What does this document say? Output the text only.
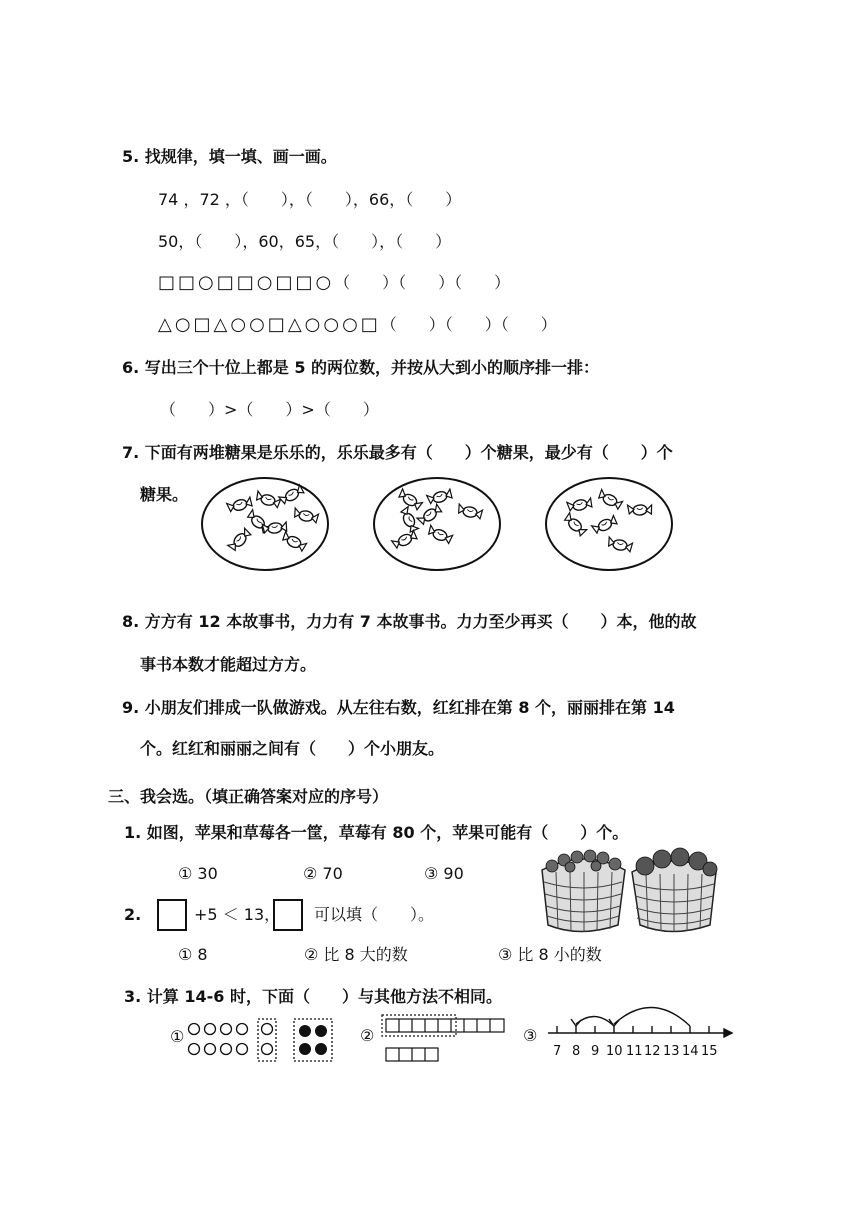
5. 找规律，填一填、画一画。
74 ，72 ，（　　），（　　），66，（　　）
50，（　　），60，65，（　　），（　　）
□□○□□○□□○（　　）（　　）（　　）
△○□△○○□△○○○□（　　）（　　）（　　）
6. 写出三个十位上都是 5 的两位数，并按从大到小的顺序排一排：
（　　）>（　　）>（　　）
7. 下面有两堆糖果是乐乐的，乐乐最多有（　　）个糖果，最少有（　　）个
糖果。
8. 方方有 12 本故事书，力力有 7 本故事书。力力至少再买（　　）本，他的故
事书本数才能超过方方。
9. 小朋友们排成一队做游戏。从左往右数，红红排在第 8 个，丽丽排在第 14
个。红红和丽丽之间有（　　）个小朋友。
三、我会选。（填正确答案对应的序号）
1. 如图，苹果和草莓各一筐，草莓有 80 个，苹果可能有（　　）个。
① 30	② 70	③ 90
2.	+5 ＜ 13， 可以填（　　）。
① 8	② 比 8 大的数	③ 比 8 小的数
3. 计算 14-6 时，下面（　　）与其他方法不相同。
①	②	③
7 8 9 10 11 12 13 14 15
